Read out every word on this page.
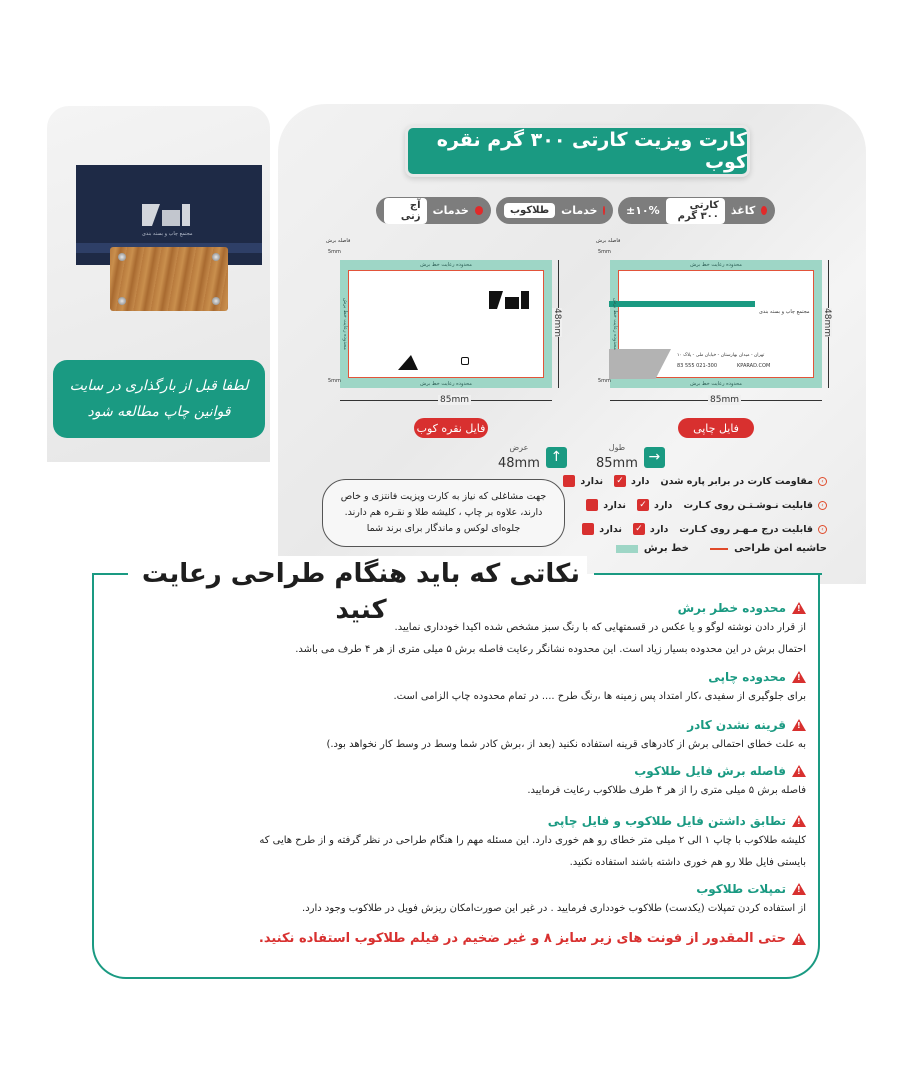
مجتمع چاپ و بسته بندی
لطفا قبل از بارگذاری در سایت قوانین چاپ مطالعه شود
کارت ویزیت کارتی ۳۰۰ گرم نقره کوب
کاغذ
کارتی ۳۰۰ گرم
±۱۰%
خدمات
طلاکوب
خدمات
آج زنی
فاصله برش
5mm
محدوده رعایت خط برش
محدوده رعایت خط برش
محدوده رعایت خط برش
85mm
48mm
5mm
فایل نقره کوب
فاصله برش
5mm
محدوده رعایت خط برش
مجتمع چاپ و بسته بندی
تهران - میدان بهارستان - خیابان ملی - پلاک ۱۰
021-300 555 83	KPARAD.COM
محدوده رعایت خط برش
محدوده رعایت خط برش
85mm
48mm
5mm
فایل چاپی
→
طول
85mm
↑
عرض
48mm
جهت مشاغلی که نیاز به کارت ویزیت فانتزی و خاص دارند، علاوه بر چاپ ، کلیشه طلا و نقـره هم دارند. جلوه‌ای لوکس و ماندگار برای برند شما
›
مقاومت کارت در برابر پاره شدن
دارد
✓
ندارد
›
قابلیت نـوشـتـن روی کـارت
دارد
✓
ندارد
›
قابلیت درج مـهـر روی کـارت
دارد
✓
ندارد
حاشیه امن طراحی
خط برش
نکاتی که باید هنگام طراحی رعایت کنید	!
محدوده خطر برش
از قرار دادن نوشته لوگو و یا عکس در قسمتهایی که با رنگ سبز مشخص شده اکیدا خودداری نمایید.
احتمال برش در این محدوده بسیار زیاد است. این محدوده نشانگر رعایت فاصله برش ۵ میلی متری از هر ۴ طرف می باشد.
!
محدوده چاپی
برای جلوگیری از سفیدی ،کار امتداد پس زمینه ها ،رنگ طرح .... در تمام محدوده چاپ الزامی است.
!
قرینه نشدن کادر
به علت خطای احتمالی برش از کادرهای قرینه استفاده نکنید (بعد از ،برش کادر شما وسط در وسط کار نخواهد بود.)
!
فاصله برش فایل طلاکوب
فاصله برش ۵ میلی متری را از هر ۴ طرف طلاکوب رعایت فرمایید.
!
تطابق داشتن فایل طلاکوب و فایل چاپی
کلیشه طلاکوب با چاپ ۱ الی ۲ میلی متر خطای رو هم خوری دارد. این مسئله مهم را هنگام طراحی در نظر گرفته و از طرح هایی که
بایستی فایل طلا رو هم خوری داشته باشند استفاده نکنید.
!
تمپلات طلاکوب
از استفاده کردن تمپلات (یکدست) طلاکوب خودداری فرمایید . در غیر این صورت‌امکان ریزش فویل در طلاکوب وجود دارد.
!
حتی المقدور از فونت های زیر سایز ۸ و غیر ضخیم در فیلم طلاکوب استفاده نکنید.
